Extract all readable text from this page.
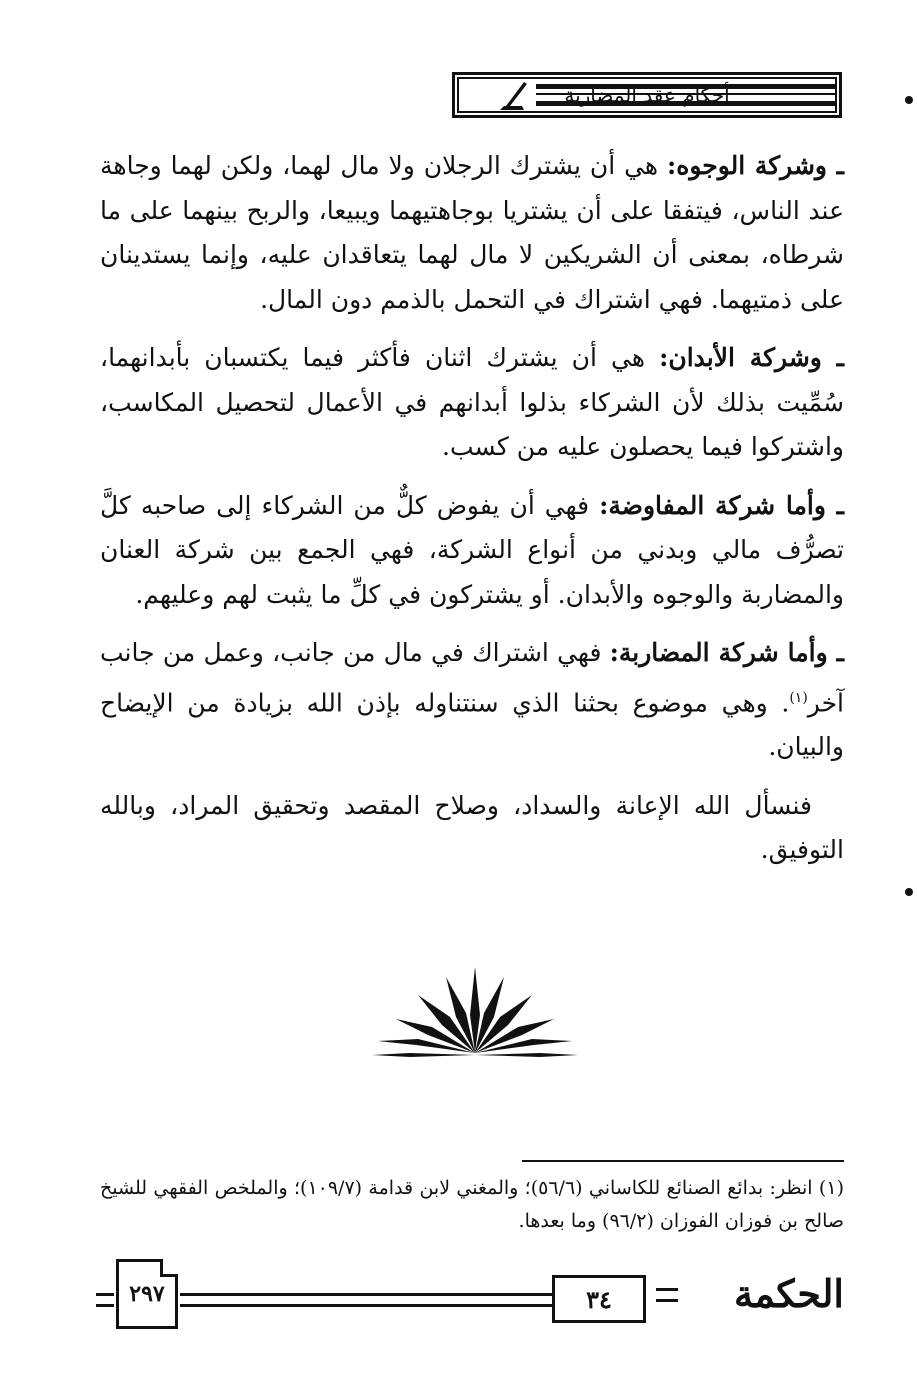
أحكام عقد المضاربة

ـ وشركة الوجوه: هي أن يشترك الرجلان ولا مال لهما، ولكن لهما وجاهة عند الناس، فيتفقا على أن يشتريا بوجاهتيهما ويبيعا، والربح بينهما على ما شرطاه، بمعنى أن الشريكين لا مال لهما يتعاقدان عليه، وإنما يستدينان على ذمتيهما. فهي اشتراك في التحمل بالذمم دون المال.

ـ وشركة الأبدان: هي أن يشترك اثنان فأكثر فيما يكتسبان بأبدانهما، سُمِّيت بذلك لأن الشركاء بذلوا أبدانهم في الأعمال لتحصيل المكاسب، واشتركوا فيما يحصلون عليه من كسب.

ـ وأما شركة المفاوضة: فهي أن يفوض كلٌّ من الشركاء إلى صاحبه كلَّ تصرُّف مالي وبدني من أنواع الشركة، فهي الجمع بين شركة العنان والمضاربة والوجوه والأبدان. أو يشتركون في كلِّ ما يثبت لهم وعليهم.

ـ وأما شركة المضاربة: فهي اشتراك في مال من جانب، وعمل من جانب آخر$^{(١)}$. وهي موضوع بحثنا الذي سنتناوله بإذن الله بزيادة من الإيضاح والبيان.

فنسأل الله الإعانة والسداد، وصلاح المقصد وتحقيق المراد، وبالله التوفيق.

(١) انظر: بدائع الصنائع للكاساني (٥٦/٦)؛ والمغني لابن قدامة (١٠٩/٧)؛ والملخص الفقهي للشيخ صالح بن فوزان الفوزان (٩٦/٢) وما بعدها.
٢٩٧	٣٤	الحكمة
